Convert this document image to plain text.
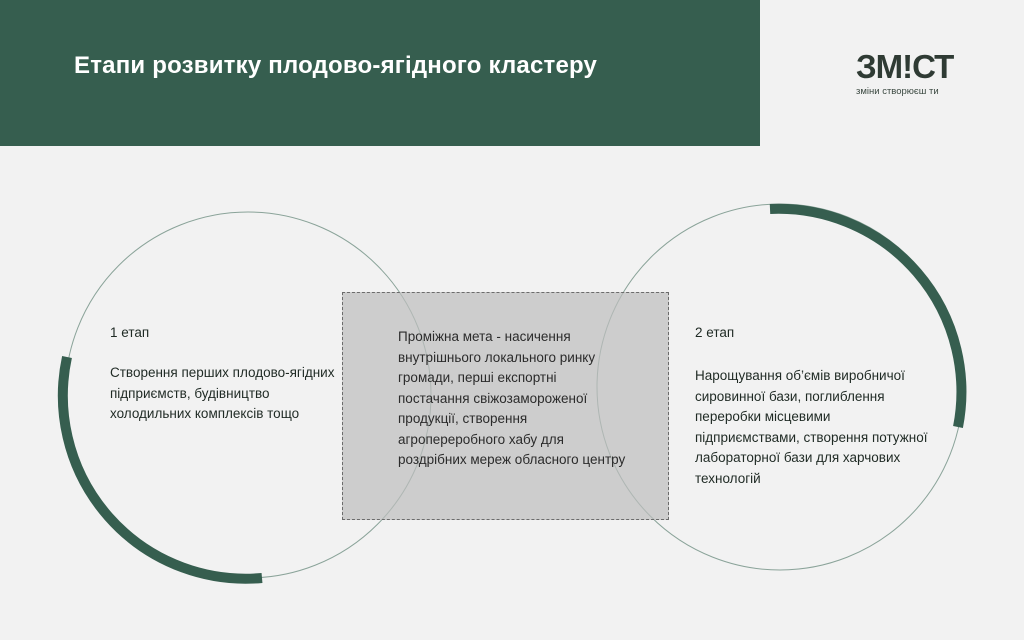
Етапи розвитку плодово-ягідного кластеру	ЗМ!СТ
зміни створюєш ти

Проміжна мета - насичення внутрішнього локального ринку громади, перші експортні постачання свіжозамороженої продукції, створення агропереробного хабу для роздрібних мереж обласного центру

1 етап

Створення перших плодово-ягідних підприємств, будівництво холодильних комплексів тощо

2 етап

Нарощування об’ємів виробничої сировинної бази, поглиблення переробки місцевими підприємствами, створення потужної лабораторної бази для харчових технологій
